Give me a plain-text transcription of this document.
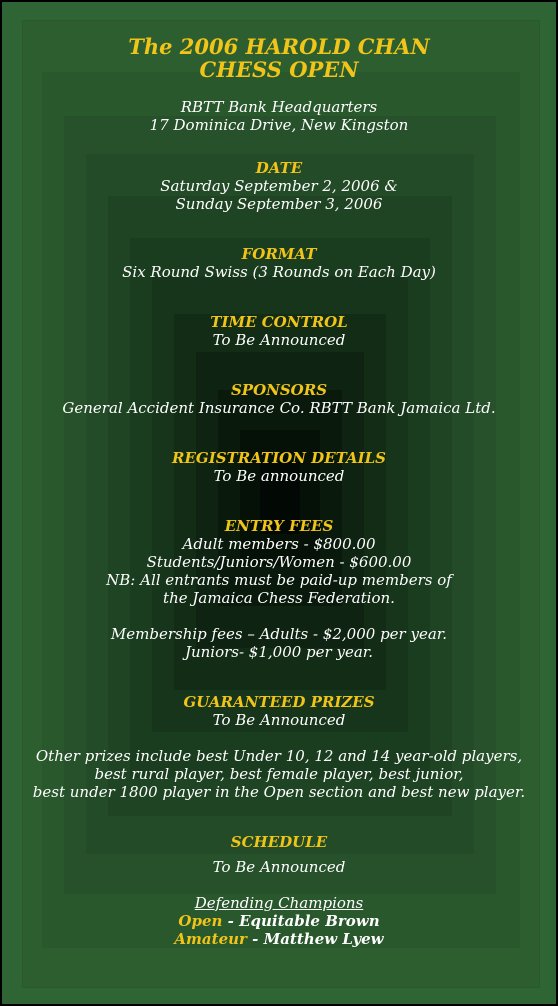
The 2006 HAROLD CHAN
CHESS OPEN
RBTT Bank Headquarters
17 Dominica Drive, New Kingston
DATE
Saturday September 2, 2006 &
Sunday September 3, 2006
FORMAT
Six Round Swiss (3 Rounds on Each Day)
TIME CONTROL
To Be Announced
SPONSORS
General Accident Insurance Co. RBTT Bank Jamaica Ltd.
REGISTRATION DETAILS
To Be announced
ENTRY FEES
Adult members - $800.00
Students/Juniors/Women - $600.00
NB: All entrants must be paid-up members of
the Jamaica Chess Federation.
Membership fees – Adults - $2,000 per year.
Juniors- $1,000 per year.
GUARANTEED PRIZES
To Be Announced
Other prizes include best Under 10, 12 and 14 year-old players,
best rural player, best female player, best junior,
best under 1800 player in the Open section and best new player.
SCHEDULE
To Be Announced
Defending Champions
Open - Equitable Brown
Amateur - Matthew Lyew
